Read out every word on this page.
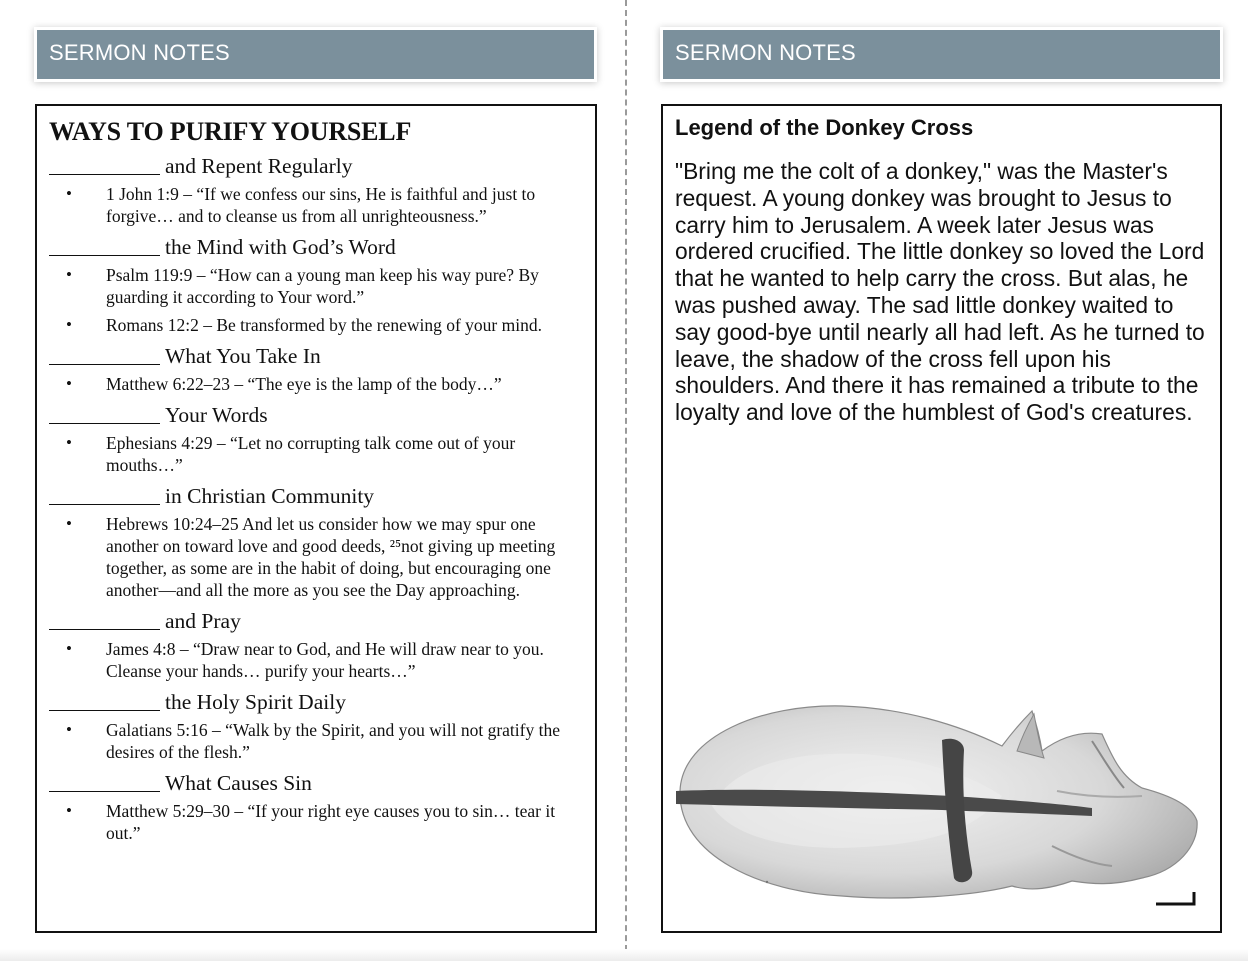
SERMON NOTES	SERMON NOTES
WAYS TO PURIFY YOURSELF
and Repent Regularly
• 1 John 1:9 – “If we confess our sins, He is faithful and just to forgive… and to cleanse us from all unrighteousness.”
the Mind with God’s Word
• Psalm 119:9 – “How can a young man keep his way pure? By guarding it according to Your word.”
• Romans 12:2 – Be transformed by the renewing of your mind.
What You Take In
• Matthew 6:22–23 – “The eye is the lamp of the body…”
Your Words
• Ephesians 4:29 – “Let no corrupting talk come out of your mouths…”
in Christian Community
• Hebrews 10:24–25 And let us consider how we may spur one another on toward love and good deeds, ²⁵not giving up meeting together, as some are in the habit of doing, but encouraging one another—and all the more as you see the Day approaching.
and Pray
• James 4:8 – “Draw near to God, and He will draw near to you. Cleanse your hands… purify your hearts…”
the Holy Spirit Daily
• Galatians 5:16 – “Walk by the Spirit, and you will not gratify the desires of the flesh.”
What Causes Sin
• Matthew 5:29–30 – “If your right eye causes you to sin… tear it out.”
Legend of the Donkey Cross
"Bring me the colt of a donkey," was the Master's request. A young donkey was brought to Jesus to carry him to Jerusalem. A week later Jesus was ordered crucified. The little donkey so loved the Lord that he wanted to help carry the cross. But alas, he was pushed away. The sad little donkey waited to say good-bye until nearly all had left. As he turned to leave, the shadow of the cross fell upon his shoulders. And there it has remained a tribute to the loyalty and love of the humblest of God's creatures.
